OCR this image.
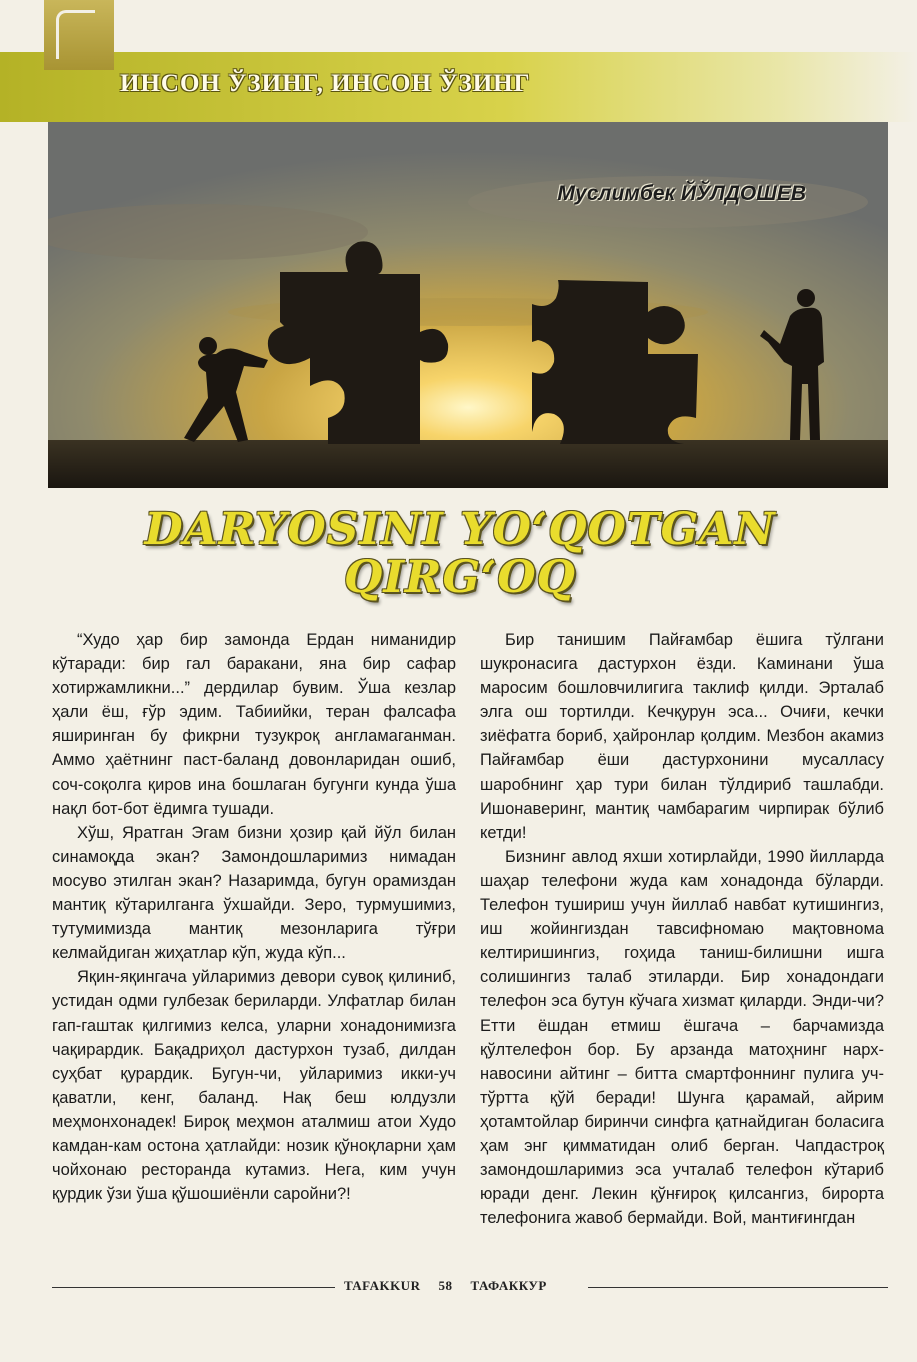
ИНСОН ЎЗИНГ, ИНСОН ЎЗИНГ
Муслимбек ЙЎЛДОШЕВ
DARYOSINI YO‘QOTGAN
QIRG‘OQ

“Худо ҳар бир замонда Ердан ниманидир кўтаради: бир гал баракани, яна бир сафар хотиржамликни...” дердилар бувим. Ўша кезлар ҳали ёш, ғўр эдим. Табиийки, теран фалсафа яширинган бу фикрни тузукроқ англамаганман. Аммо ҳаётнинг паст-баланд довонларидан ошиб, соч-соқолга қиров ина бошлаган бугунги кунда ўша нақл бот-бот ёдимга тушади.

Хўш, Яратган Эгам бизни ҳозир қай йўл билан синамоқда экан? Замондошларимиз нимадан мосуво этилган экан? Назаримда, бугун орамиздан мантиқ кўтарилганга ўхшайди. Зеро, турмушимиз, тутумимизда мантиқ мезонларига тўғри келмайдиган жиҳатлар кўп, жуда кўп...

Яқин-яқингача уйларимиз девори сувоқ қилиниб, устидан одми гулбезак бериларди. Улфатлар билан гап-гаштак қилгимиз келса, уларни хонадонимизга чақирардик. Бақадриҳол дастурхон тузаб, дилдан суҳбат қурардик. Бугун-чи, уйларимиз икки-уч қаватли, кенг, баланд. Нақ беш юлдузли меҳмонхонадек! Бироқ меҳмон аталмиш атои Худо камдан-кам остона ҳатлайди: нозик қўноқларни ҳам чойхонаю ресторанда кутамиз. Нега, ким учун қурдик ўзи ўша қўшошиёнли саройни?!

Бир танишим Пайғамбар ёшига тўлгани шукронасига дастурхон ёзди. Каминани ўша маросим бошловчилигига таклиф қилди. Эрталаб элга ош тортилди. Кечқурун эса... Очиғи, кечки зиёфатга бориб, ҳайронлар қолдим. Мезбон акамиз Пайғамбар ёши дастурхонини мусалласу шаробнинг ҳар тури билан тўлдириб ташлабди. Ишонаверинг, мантиқ чамбарагим чирпирак бўлиб кетди!

Бизнинг авлод яхши хотирлайди, 1990 йилларда шаҳар телефони жуда кам хонадонда бўларди. Телефон тушириш учун йиллаб навбат кутишингиз, иш жойингиздан тавсифномаю мақтовнома келтиришингиз, гоҳида таниш-билишни ишга солишингиз талаб этиларди. Бир хонадондаги телефон эса бутун кўчага хизмат қиларди. Энди-чи? Етти ёшдан етмиш ёшгача – барчамизда қўлтелефон бор. Бу арзанда матоҳнинг нарх-навосини айтинг – битта смартфоннинг пулига уч-тўртта қўй беради! Шунга қарамай, айрим ҳотамтойлар биринчи синфга қатнайдиган боласига ҳам энг қимматидан олиб берган. Чапдастроқ замондошларимиз эса учталаб телефон кўтариб юради денг. Лекин қўнғироқ қилсангиз, бирорта телефонига жавоб бермайди. Вой, мантиғингдан

TAFAKKUR 58 ТАФАККУР
